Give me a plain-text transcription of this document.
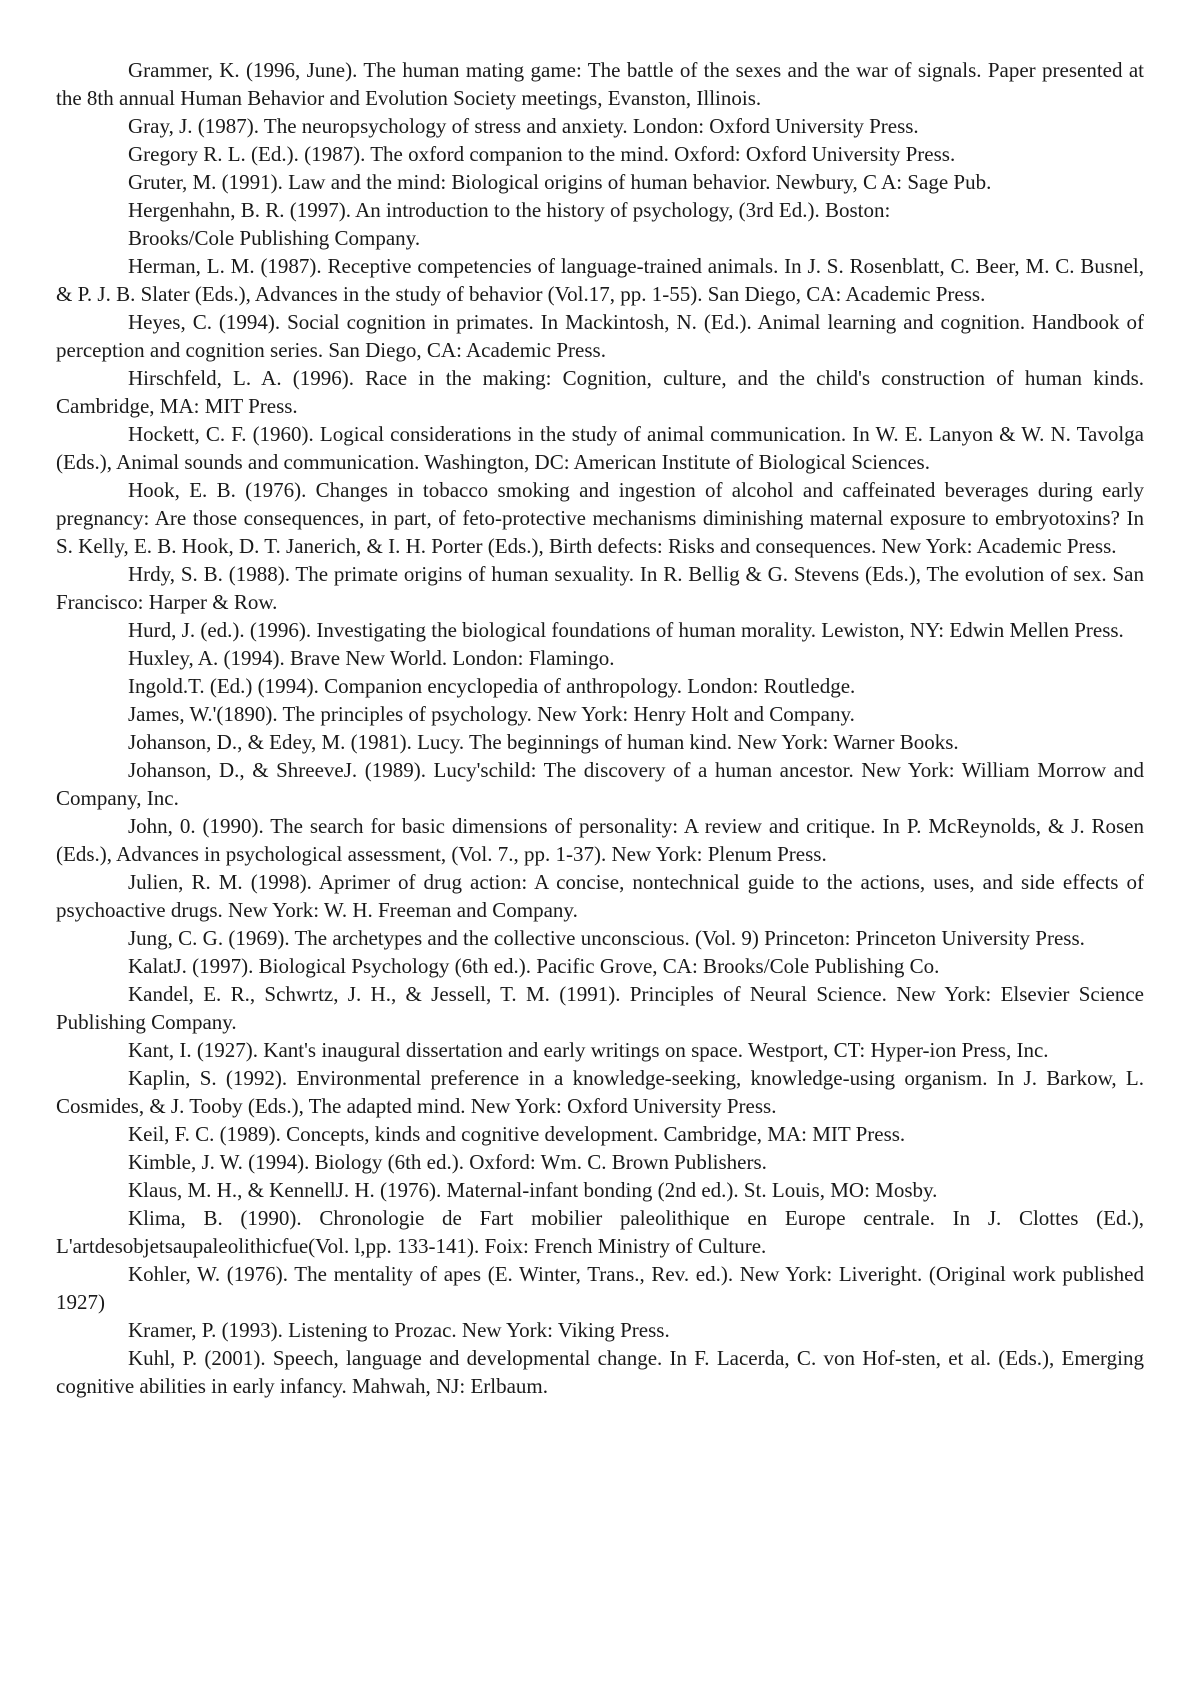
Grammer, K. (1996, June). The human mating game: The battle of the sexes and the war of signals. Paper presented at the 8th annual Human Behavior and Evolution Society meetings, Evanston, Illinois.

Gray, J. (1987). The neuropsychology of stress and anxiety. London: Oxford University Press.

Gregory R. L. (Ed.). (1987). The oxford companion to the mind. Oxford: Oxford University Press.

Gruter, M. (1991). Law and the mind: Biological origins of human behavior. Newbury, C A: Sage Pub.

Hergenhahn, B. R. (1997). An introduction to the history of psychology, (3rd Ed.). Boston:

Brooks/Cole Publishing Company.

Herman, L. M. (1987). Receptive competencies of language-trained animals. In J. S. Rosenblatt, C. Beer, M. C. Busnel, & P. J. B. Slater (Eds.), Advances in the study of behavior (Vol.17, pp. 1-55). San Diego, CA: Academic Press.

Heyes, C. (1994). Social cognition in primates. In Mackintosh, N. (Ed.). Animal learning and cognition. Handbook of perception and cognition series. San Diego, CA: Academic Press.

Hirschfeld, L. A. (1996). Race in the making: Cognition, culture, and the child's construction of human kinds. Cambridge, MA: MIT Press.

Hockett, C. F. (1960). Logical considerations in the study of animal communication. In W. E. Lanyon & W. N. Tavolga (Eds.), Animal sounds and communication. Washington, DC: American Institute of Biological Sciences.

Hook, E. B. (1976). Changes in tobacco smoking and ingestion of alcohol and caffeinated beverages during early pregnancy: Are those consequences, in part, of feto-protective mechanisms diminishing maternal exposure to embryotoxins? In S. Kelly, E. B. Hook, D. T. Janerich, & I. H. Porter (Eds.), Birth defects: Risks and consequences. New York: Academic Press.

Hrdy, S. B. (1988). The primate origins of human sexuality. In R. Bellig & G. Stevens (Eds.), The evolution of sex. San Francisco: Harper & Row.

Hurd, J. (ed.). (1996). Investigating the biological foundations of human morality. Lewiston, NY: Edwin Mellen Press.

Huxley, A. (1994). Brave New World. London: Flamingo.

Ingold.T. (Ed.) (1994). Companion encyclopedia of anthropology. London: Routledge.

James, W.'(1890). The principles of psychology. New York: Henry Holt and Company.

Johanson, D., & Edey, M. (1981). Lucy. The beginnings of human kind. New York: Warner Books.

Johanson, D., & ShreeveJ. (1989). Lucy'schild: The discovery of a human ancestor. New York: William Morrow and Company, Inc.

John, 0. (1990). The search for basic dimensions of personality: A review and critique. In P. McReynolds, & J. Rosen (Eds.), Advances in psychological assessment, (Vol. 7., pp. 1-37). New York: Plenum Press.

Julien, R. M. (1998). Aprimer of drug action: A concise, nontechnical guide to the actions, uses, and side effects of psychoactive drugs. New York: W. H. Freeman and Company.

Jung, C. G. (1969). The archetypes and the collective unconscious. (Vol. 9) Princeton: Princeton University Press.

KalatJ. (1997). Biological Psychology (6th ed.). Pacific Grove, CA: Brooks/Cole Publishing Co.

Kandel, E. R., Schwrtz, J. H., & Jessell, T. M. (1991). Principles of Neural Science. New York: Elsevier Science Publishing Company.

Kant, I. (1927). Kant's inaugural dissertation and early writings on space. Westport, CT: Hyper-ion Press, Inc.

Kaplin, S. (1992). Environmental preference in a knowledge-seeking, knowledge-using organism. In J. Barkow, L. Cosmides, & J. Tooby (Eds.), The adapted mind. New York: Oxford University Press.

Keil, F. C. (1989). Concepts, kinds and cognitive development. Cambridge, MA: MIT Press.

Kimble, J. W. (1994). Biology (6th ed.). Oxford: Wm. C. Brown Publishers.

Klaus, M. H., & KennellJ. H. (1976). Maternal-infant bonding (2nd ed.). St. Louis, MO: Mosby.

Klima, B. (1990). Chronologie de Fart mobilier paleolithique en Europe centrale. In J. Clottes (Ed.), L'artdesobjetsaupaleolithicfue(Vol. l,pp. 133-141). Foix: French Ministry of Culture.

Kohler, W. (1976). The mentality of apes (E. Winter, Trans., Rev. ed.). New York: Liveright. (Original work published 1927)

Kramer, P. (1993). Listening to Prozac. New York: Viking Press.

Kuhl, P. (2001). Speech, language and developmental change. In F. Lacerda, C. von Hof-sten, et al. (Eds.), Emerging cognitive abilities in early infancy. Mahwah, NJ: Erlbaum.
